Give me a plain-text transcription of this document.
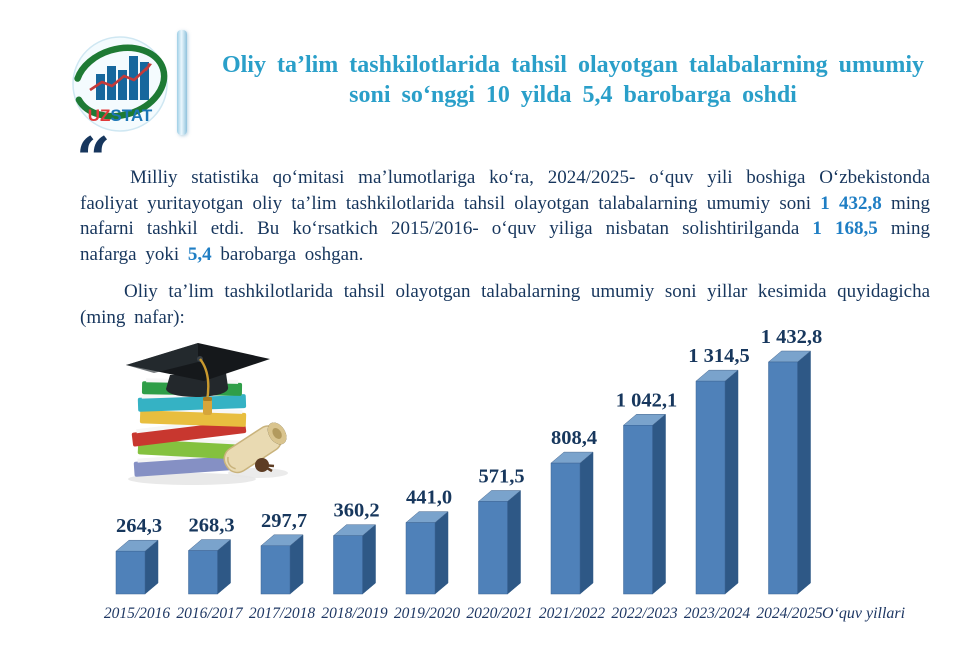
UZSTAT
Oliy ta’lim tashkilotlarida tahsil olayotgan talabalarning umumiy
soni so‘nggi 10 yilda 5,4 barobarga oshdi
“	Milliy statistika qo‘mitasi ma’lumotlariga ko‘ra, 2024/2025- o‘quv yili boshiga O‘zbekistonda faoliyat yuritayotgan oliy ta’lim tashkilotlarida tahsil olayotgan talabalarning umumiy soni 1 432,8 ming nafarni tashkil etdi. Bu ko‘rsatkich 2015/2016- o‘quv yiliga nisbatan solishtirilganda 1 168,5 ming nafarga yoki 5,4 barobarga oshgan.

Oliy ta’lim tashkilotlarida tahsil olayotgan talabalarning umumiy soni yillar kesimida quyidagicha (ming nafar):

264,3
2015/2016
268,3
2016/2017
297,7
2017/2018
360,2
2018/2019
441,0
2019/2020
571,5
2020/2021
808,4
2021/2022
1 042,1
2022/2023
1 314,5
2023/2024
1 432,8
2024/2025 O‘quv yillari
